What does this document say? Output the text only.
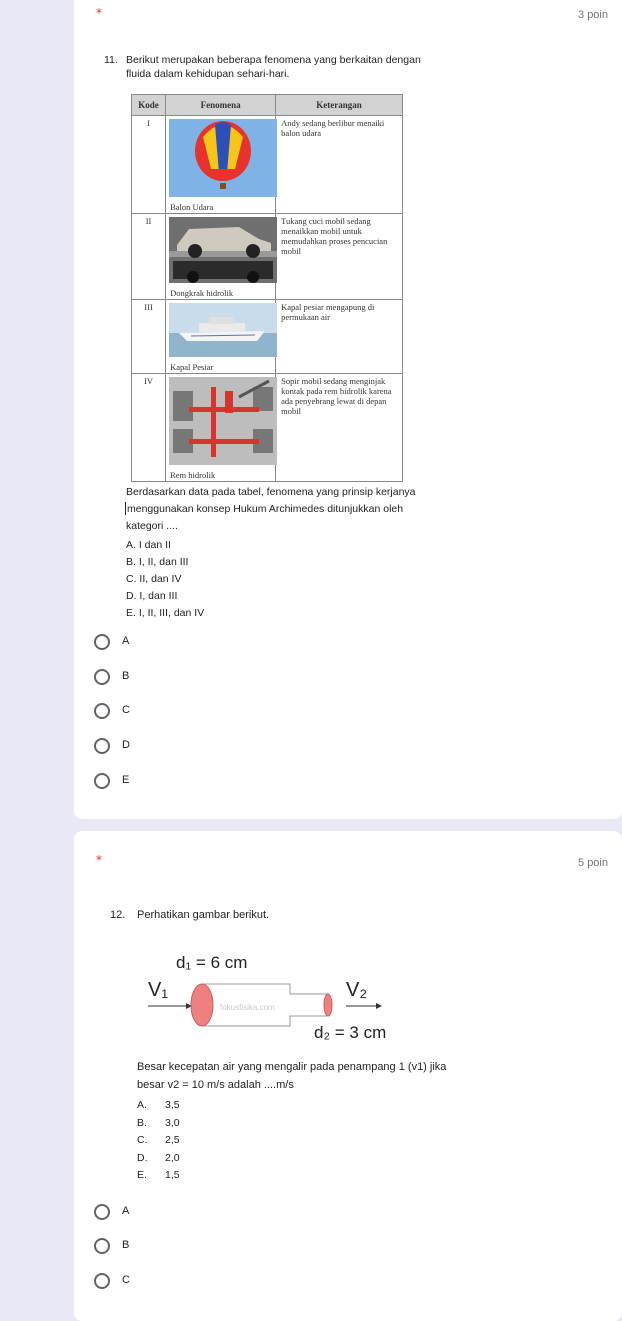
*	3 poin
11. Berikut merupakan beberapa fenomena yang berkaitan dengan
fluida dalam kehidupan sehari-hari.
Kode	Fenomena	Keterangan
I	Balon Udara	Andy sedang berlibur menaiki balon udara
II	Dongkrak hidrolik	Tukang cuci mobil sedang menaikkan mobil untuk memudahkan proses pencucian mobil
III	Kapal Pesiar	Kapal pesiar mengapung di permukaan air
IV	Rem hidrolik	Sopir mobil sedang menginjak kontak pada rem hidrolik karena ada penyebrang lewat di depan mobil
Berdasarkan data pada tabel, fenomena yang prinsip kerjanya
menggunakan konsep Hukum Archimedes ditunjukkan oleh
kategori ....
A. I dan II
B. I, II, dan III
C. II, dan IV
D. I, dan III
E. I, II, III, dan IV
A
B
C
D
E
*	5 poin
12. Perhatikan gambar berikut.
d₁ = 6 cm
V₁	V₂
d₂ = 3 cm
fokusfisika.com
Besar kecepatan air yang mengalir pada penampang 1 (v1) jika
besar v2 = 10 m/s adalah ....m/s
A. 3,5
B. 3,0
C. 2,5
D. 2,0
E. 1,5
A
B
C
